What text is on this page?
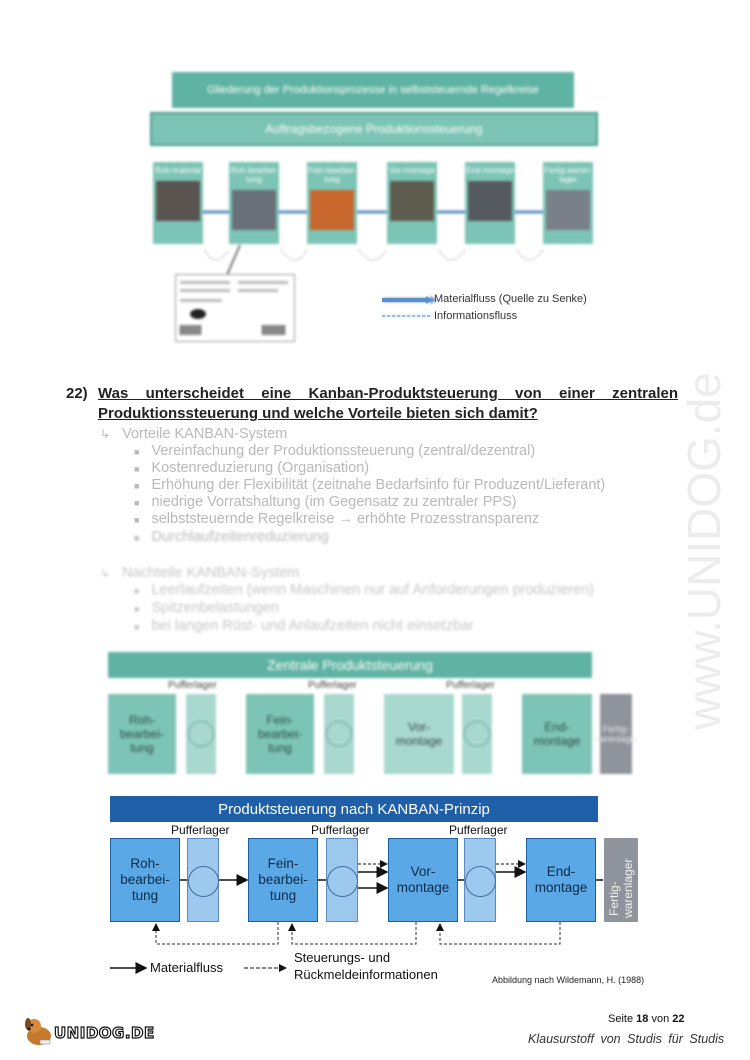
Gliederung der Produktionsprozesse in selbststeuernde Regelkreise
Auftragsbezogene Produktionssteuerung
Roh-material	Roh-bearbei-tung
Fein-bearbei-tung
Vor-montage	End-montage	Fertig-waren-lager
Materialfluss (Quelle zu Senke)
Informationsfluss
www.UNIDOG.de
22) Was unterscheidet eine Kanban-Produktsteuerung von einer zentralen
Produktionssteuerung und welche Vorteile bieten sich damit?
↳ Vorteile KANBAN-System
■ Vereinfachung der Produktionssteuerung (zentral/dezentral)
■ Kostenreduzierung (Organisation)
■ Erhöhung der Flexibilität (zeitnahe Bedarfsinfo für Produzent/Lieferant)
■ niedrige Vorratshaltung (im Gegensatz zu zentraler PPS)
■ selbststeuernde Regelkreise → erhöhte Prozesstransparenz
■ Durchlaufzeitenreduzierung
↳ Nachteile KANBAN-System
■ Leerlaufzeiten (wenn Maschinen nur auf Anforderungen produzieren)
■ Spitzenbelastungen
■ bei langen Rüst- und Anlaufzeiten nicht einsetzbar
Zentrale Produktsteuerung
Pufferlager	Pufferlager	Pufferlager
Roh-bearbei-tung
Fein-bearbei-tung
Vor-montage
End-montage
Fertig-warenlager
Produktsteuerung nach KANBAN-Prinzip
Pufferlager	Pufferlager	Pufferlager
Roh-
bearbei-
tung
Fein-
bearbei-
tung
Vor-
montage
End-
montage Fertig- warenlager
Materialfluss
Steuerungs- und
Rückmeldeinformationen	Abbildung nach Wildemann, H. (1988)
Seite 18 von 22
UNIDOG.DE	Klausurstoff von Studis für Studis
